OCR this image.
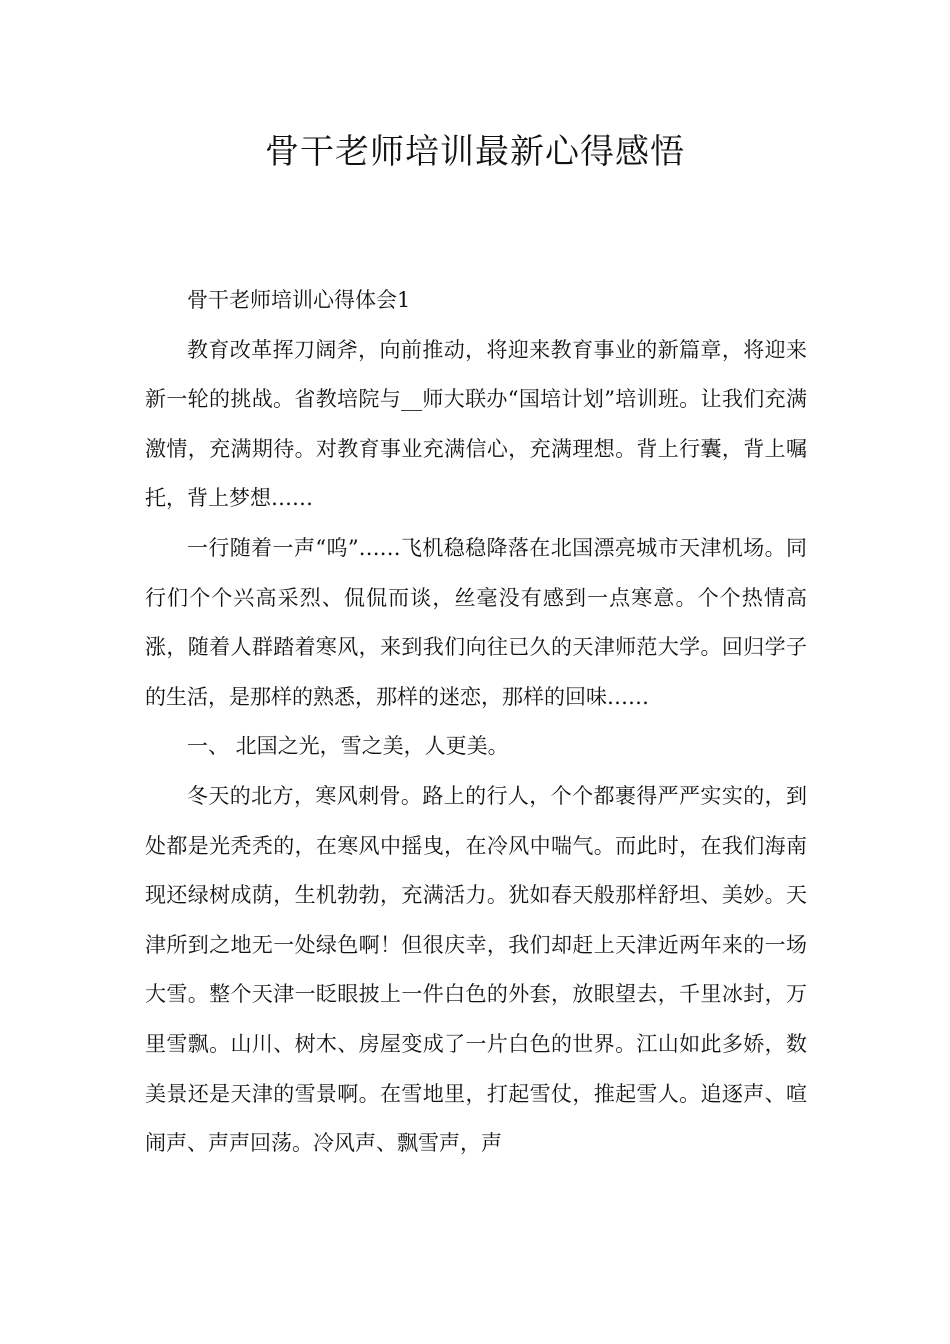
骨干老师培训最新心得感悟

骨干老师培训心得体会1

教育改革挥刀阔斧，向前推动，将迎来教育事业的新篇章，将迎来新一轮的挑战。省教培院与__师大联办“国培计划”培训班。让我们充满激情，充满期待。对教育事业充满信心，充满理想。背上行囊，背上嘱托，背上梦想……

一行随着一声“呜”……飞机稳稳降落在北国漂亮城市天津机场。同行们个个兴高采烈、侃侃而谈，丝毫没有感到一点寒意。个个热情高涨，随着人群踏着寒风，来到我们向往已久的天津师范大学。回归学子的生活，是那样的熟悉，那样的迷恋，那样的回味……

一、 北国之光，雪之美，人更美。

冬天的北方，寒风刺骨。路上的行人，个个都裹得严严实实的，到处都是光秃秃的，在寒风中摇曳，在冷风中喘气。而此时，在我们海南现还绿树成荫，生机勃勃，充满活力。犹如春天般那样舒坦、美妙。天津所到之地无一处绿色啊！但很庆幸，我们却赶上天津近两年来的一场大雪。整个天津一眨眼披上一件白色的外套，放眼望去，千里冰封，万里雪飘。山川、树木、房屋变成了一片白色的世界。江山如此多娇，数美景还是天津的雪景啊。在雪地里，打起雪仗，推起雪人。追逐声、喧闹声、声声回荡。冷风声、飘雪声，声
